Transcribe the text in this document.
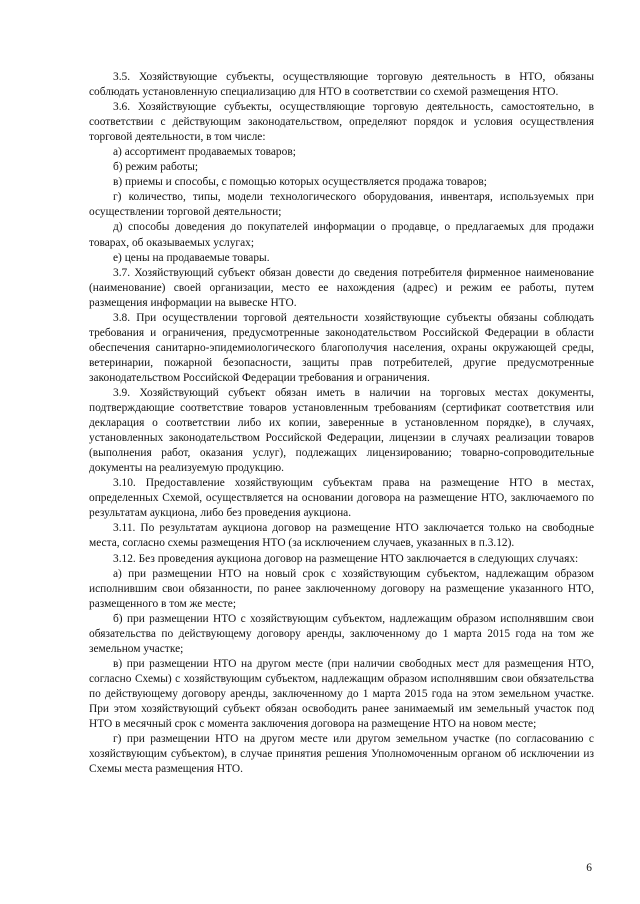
3.5. Хозяйствующие субъекты, осуществляющие торговую деятельность в НТО, обязаны соблюдать установленную специализацию для НТО в соответствии со схемой размещения НТО.

3.6. Хозяйствующие субъекты, осуществляющие торговую деятельность, самостоятельно, в соответствии с действующим законодательством, определяют порядок и условия осуществления торговой деятельности, в том числе:

а) ассортимент продаваемых товаров;

б) режим работы;

в) приемы и способы, с помощью которых осуществляется продажа товаров;

г) количество, типы, модели технологического оборудования, инвентаря, используемых при осуществлении торговой деятельности;

д) способы доведения до покупателей информации о продавце, о предлагаемых для продажи товарах, об оказываемых услугах;

е) цены на продаваемые товары.

3.7. Хозяйствующий субъект обязан довести до сведения потребителя фирменное наименование (наименование) своей организации, место ее нахождения (адрес) и режим ее работы, путем размещения информации на вывеске НТО.

3.8. При осуществлении торговой деятельности хозяйствующие субъекты обязаны соблюдать требования и ограничения, предусмотренные законодательством Российской Федерации в области обеспечения санитарно-эпидемиологического благополучия населения, охраны окружающей среды, ветеринарии, пожарной безопасности, защиты прав потребителей, другие предусмотренные законодательством Российской Федерации требования и ограничения.

3.9. Хозяйствующий субъект обязан иметь в наличии на торговых местах документы, подтверждающие соответствие товаров установленным требованиям (сертификат соответствия или декларация о соответствии либо их копии, заверенные в установленном порядке), в случаях, установленных законодательством Российской Федерации, лицензии в случаях реализации товаров (выполнения работ, оказания услуг), подлежащих лицензированию; товарно-сопроводительные документы на реализуемую продукцию.

3.10. Предоставление хозяйствующим субъектам права на размещение НТО в местах, определенных Схемой, осуществляется на основании договора на размещение НТО, заключаемого по результатам аукциона, либо без проведения аукциона.

3.11. По результатам аукциона договор на размещение НТО заключается только на свободные места, согласно схемы размещения НТО (за исключением случаев, указанных в п.3.12).

3.12. Без проведения аукциона договор на размещение НТО заключается в следующих случаях:

а) при размещении НТО на новый срок с хозяйствующим субъектом, надлежащим образом исполнившим свои обязанности, по ранее заключенному договору на размещение указанного НТО, размещенного в том же месте;

б) при размещении НТО с хозяйствующим субъектом, надлежащим образом исполнявшим свои обязательства по действующему договору аренды, заключенному до 1 марта 2015 года на том же земельном участке;

в) при размещении НТО на другом месте (при наличии свободных мест для размещения НТО, согласно Схемы) с хозяйствующим субъектом, надлежащим образом исполнявшим свои обязательства по действующему договору аренды, заключенному до 1 марта 2015 года на этом земельном участке. При этом хозяйствующий субъект обязан освободить ранее занимаемый им земельный участок под НТО в месячный срок с момента заключения договора на размещение НТО на новом месте;

г) при размещении НТО на другом месте или другом земельном участке (по согласованию с хозяйствующим субъектом), в случае принятия решения Уполномоченным органом об исключении из Схемы места размещения НТО.

6
